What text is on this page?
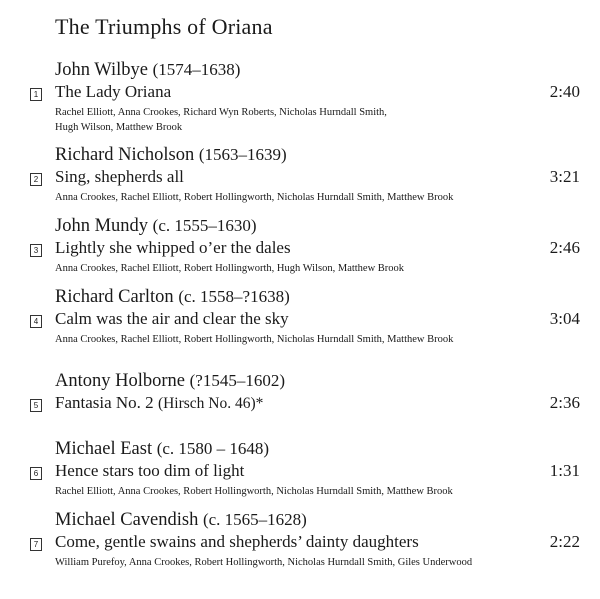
The Triumphs of Oriana
John Wilbye (1574–1638)
1 The Lady Oriana	2:40
Rachel Elliott, Anna Crookes, Richard Wyn Roberts, Nicholas Hurndall Smith,
Hugh Wilson, Matthew Brook
Richard Nicholson (1563–1639)
2 Sing, shepherds all	3:21
Anna Crookes, Rachel Elliott, Robert Hollingworth, Nicholas Hurndall Smith, Matthew Brook
John Mundy (c. 1555–1630)
3 Lightly she whipped o’er the dales	2:46
Anna Crookes, Rachel Elliott, Robert Hollingworth, Hugh Wilson, Matthew Brook
Richard Carlton (c. 1558–?1638)
4 Calm was the air and clear the sky	3:04
Anna Crookes, Rachel Elliott, Robert Hollingworth, Nicholas Hurndall Smith, Matthew Brook
Antony Holborne (?1545–1602)
5 Fantasia No. 2 (Hirsch No. 46)*	2:36
Michael East (c. 1580 – 1648)
6 Hence stars too dim of light	1:31
Rachel Elliott, Anna Crookes, Robert Hollingworth, Nicholas Hurndall Smith, Matthew Brook
Michael Cavendish (c. 1565–1628)
7 Come, gentle swains and shepherds’ dainty daughters	2:22
William Purefoy, Anna Crookes, Robert Hollingworth, Nicholas Hurndall Smith, Giles Underwood
